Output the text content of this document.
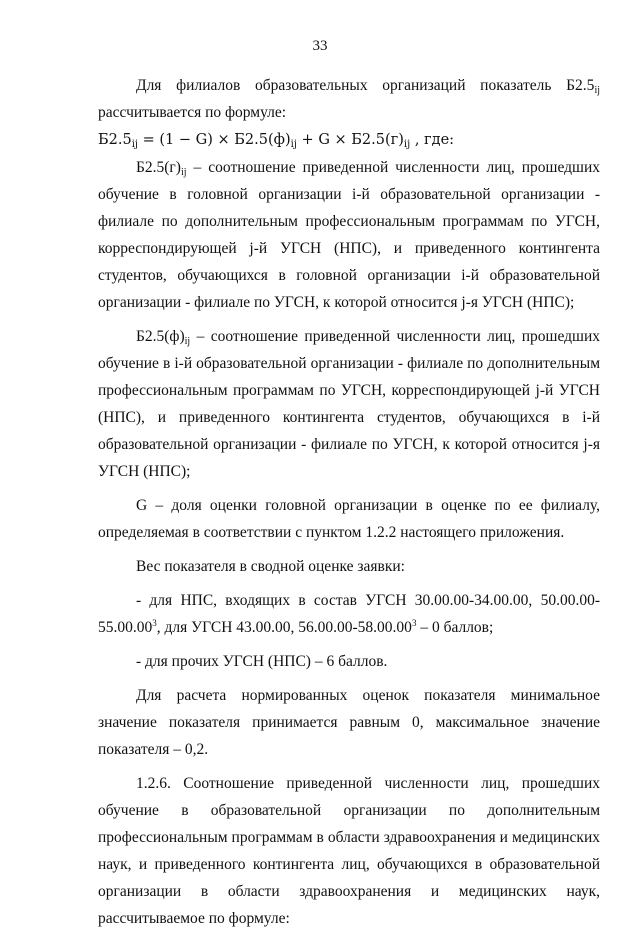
33

Для филиалов образовательных организаций показатель $Б2.5_{ij}$ рассчитывается по формуле:

$Б2.5_{ij} = (1 - G) \times Б2.5(ф)_{ij} + G \times Б2.5(г)_{ij}$ , где:

$Б2.5(г)_{ij}$ – соотношение приведенной численности лиц, прошедших обучение в головной организации i-й образовательной организации - филиале по дополнительным профессиональным программам по УГСН, корреспондирующей j-й УГСН (НПС), и приведенного контингента студентов, обучающихся в головной организации i-й образовательной организации - филиале по УГСН, к которой относится j-я УГСН (НПС);

$Б2.5(ф)_{ij}$ – соотношение приведенной численности лиц, прошедших обучение в i-й образовательной организации - филиале по дополнительным профессиональным программам по УГСН, корреспондирующей j-й УГСН (НПС), и приведенного контингента студентов, обучающихся в i-й образовательной организации - филиале по УГСН, к которой относится j-я УГСН (НПС);

G – доля оценки головной организации в оценке по ее филиалу, определяемая в соответствии с пунктом 1.2.2 настоящего приложения.

Вес показателя в сводной оценке заявки:

- для НПС, входящих в состав УГСН 30.00.00-34.00.00, 50.00.00-55.00.00$^3$, для УГСН 43.00.00, 56.00.00-58.00.00$^3$ – 0 баллов;

- для прочих УГСН (НПС) – 6 баллов.

Для расчета нормированных оценок показателя минимальное значение показателя принимается равным 0, максимальное значение показателя – 0,2.

1.2.6. Соотношение приведенной численности лиц, прошедших обучение в образовательной организации по дополнительным профессиональным программам в области здравоохранения и медицинских наук, и приведенного контингента лиц, обучающихся в образовательной организации в области здравоохранения и медицинских наук, рассчитываемое по формуле:
